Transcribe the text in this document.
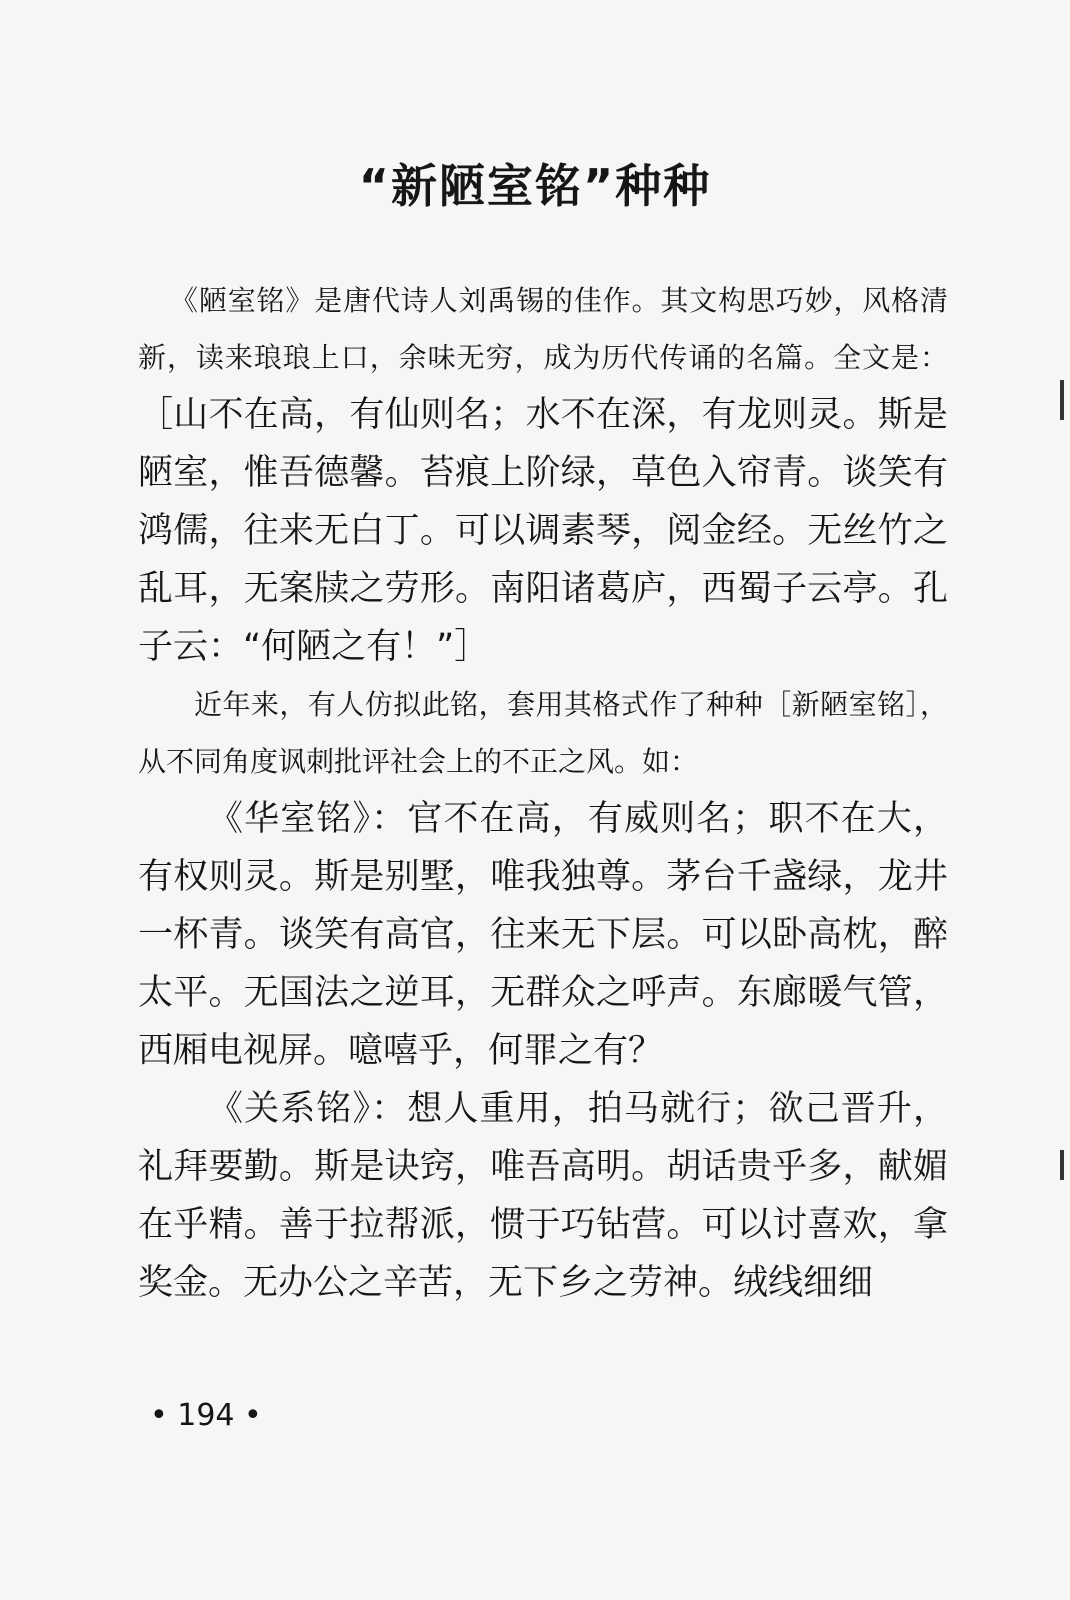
“新陋室铭”种种

《陋室铭》是唐代诗人刘禹锡的佳作。其文构思巧妙，风格清新，读来琅琅上口，余味无穷，成为历代传诵的名篇。全文是：［山不在高，有仙则名；水不在深，有龙则灵。斯是陋室，惟吾德馨。苔痕上阶绿，草色入帘青。谈笑有鸿儒，往来无白丁。可以调素琴，阅金经。无丝竹之乱耳，无案牍之劳形。南阳诸葛庐，西蜀子云亭。孔子云：“何陋之有！”］

近年来，有人仿拟此铭，套用其格式作了种种［新陋室铭］，从不同角度讽刺批评社会上的不正之风。如：

《华室铭》：官不在高，有威则名；职不在大，有权则灵。斯是别墅，唯我独尊。茅台千盏绿，龙井一杯青。谈笑有高官，往来无下层。可以卧高枕，醉太平。无国法之逆耳，无群众之呼声。东廊暖气管，西厢电视屏。噫嘻乎，何罪之有？

《关系铭》：想人重用，拍马就行；欲己晋升，礼拜要勤。斯是诀窍，唯吾高明。胡话贵乎多，献媚在乎精。善于拉帮派，惯于巧钻营。可以讨喜欢，拿奖金。无办公之辛苦，无下乡之劳神。绒线细细

• 194 •
